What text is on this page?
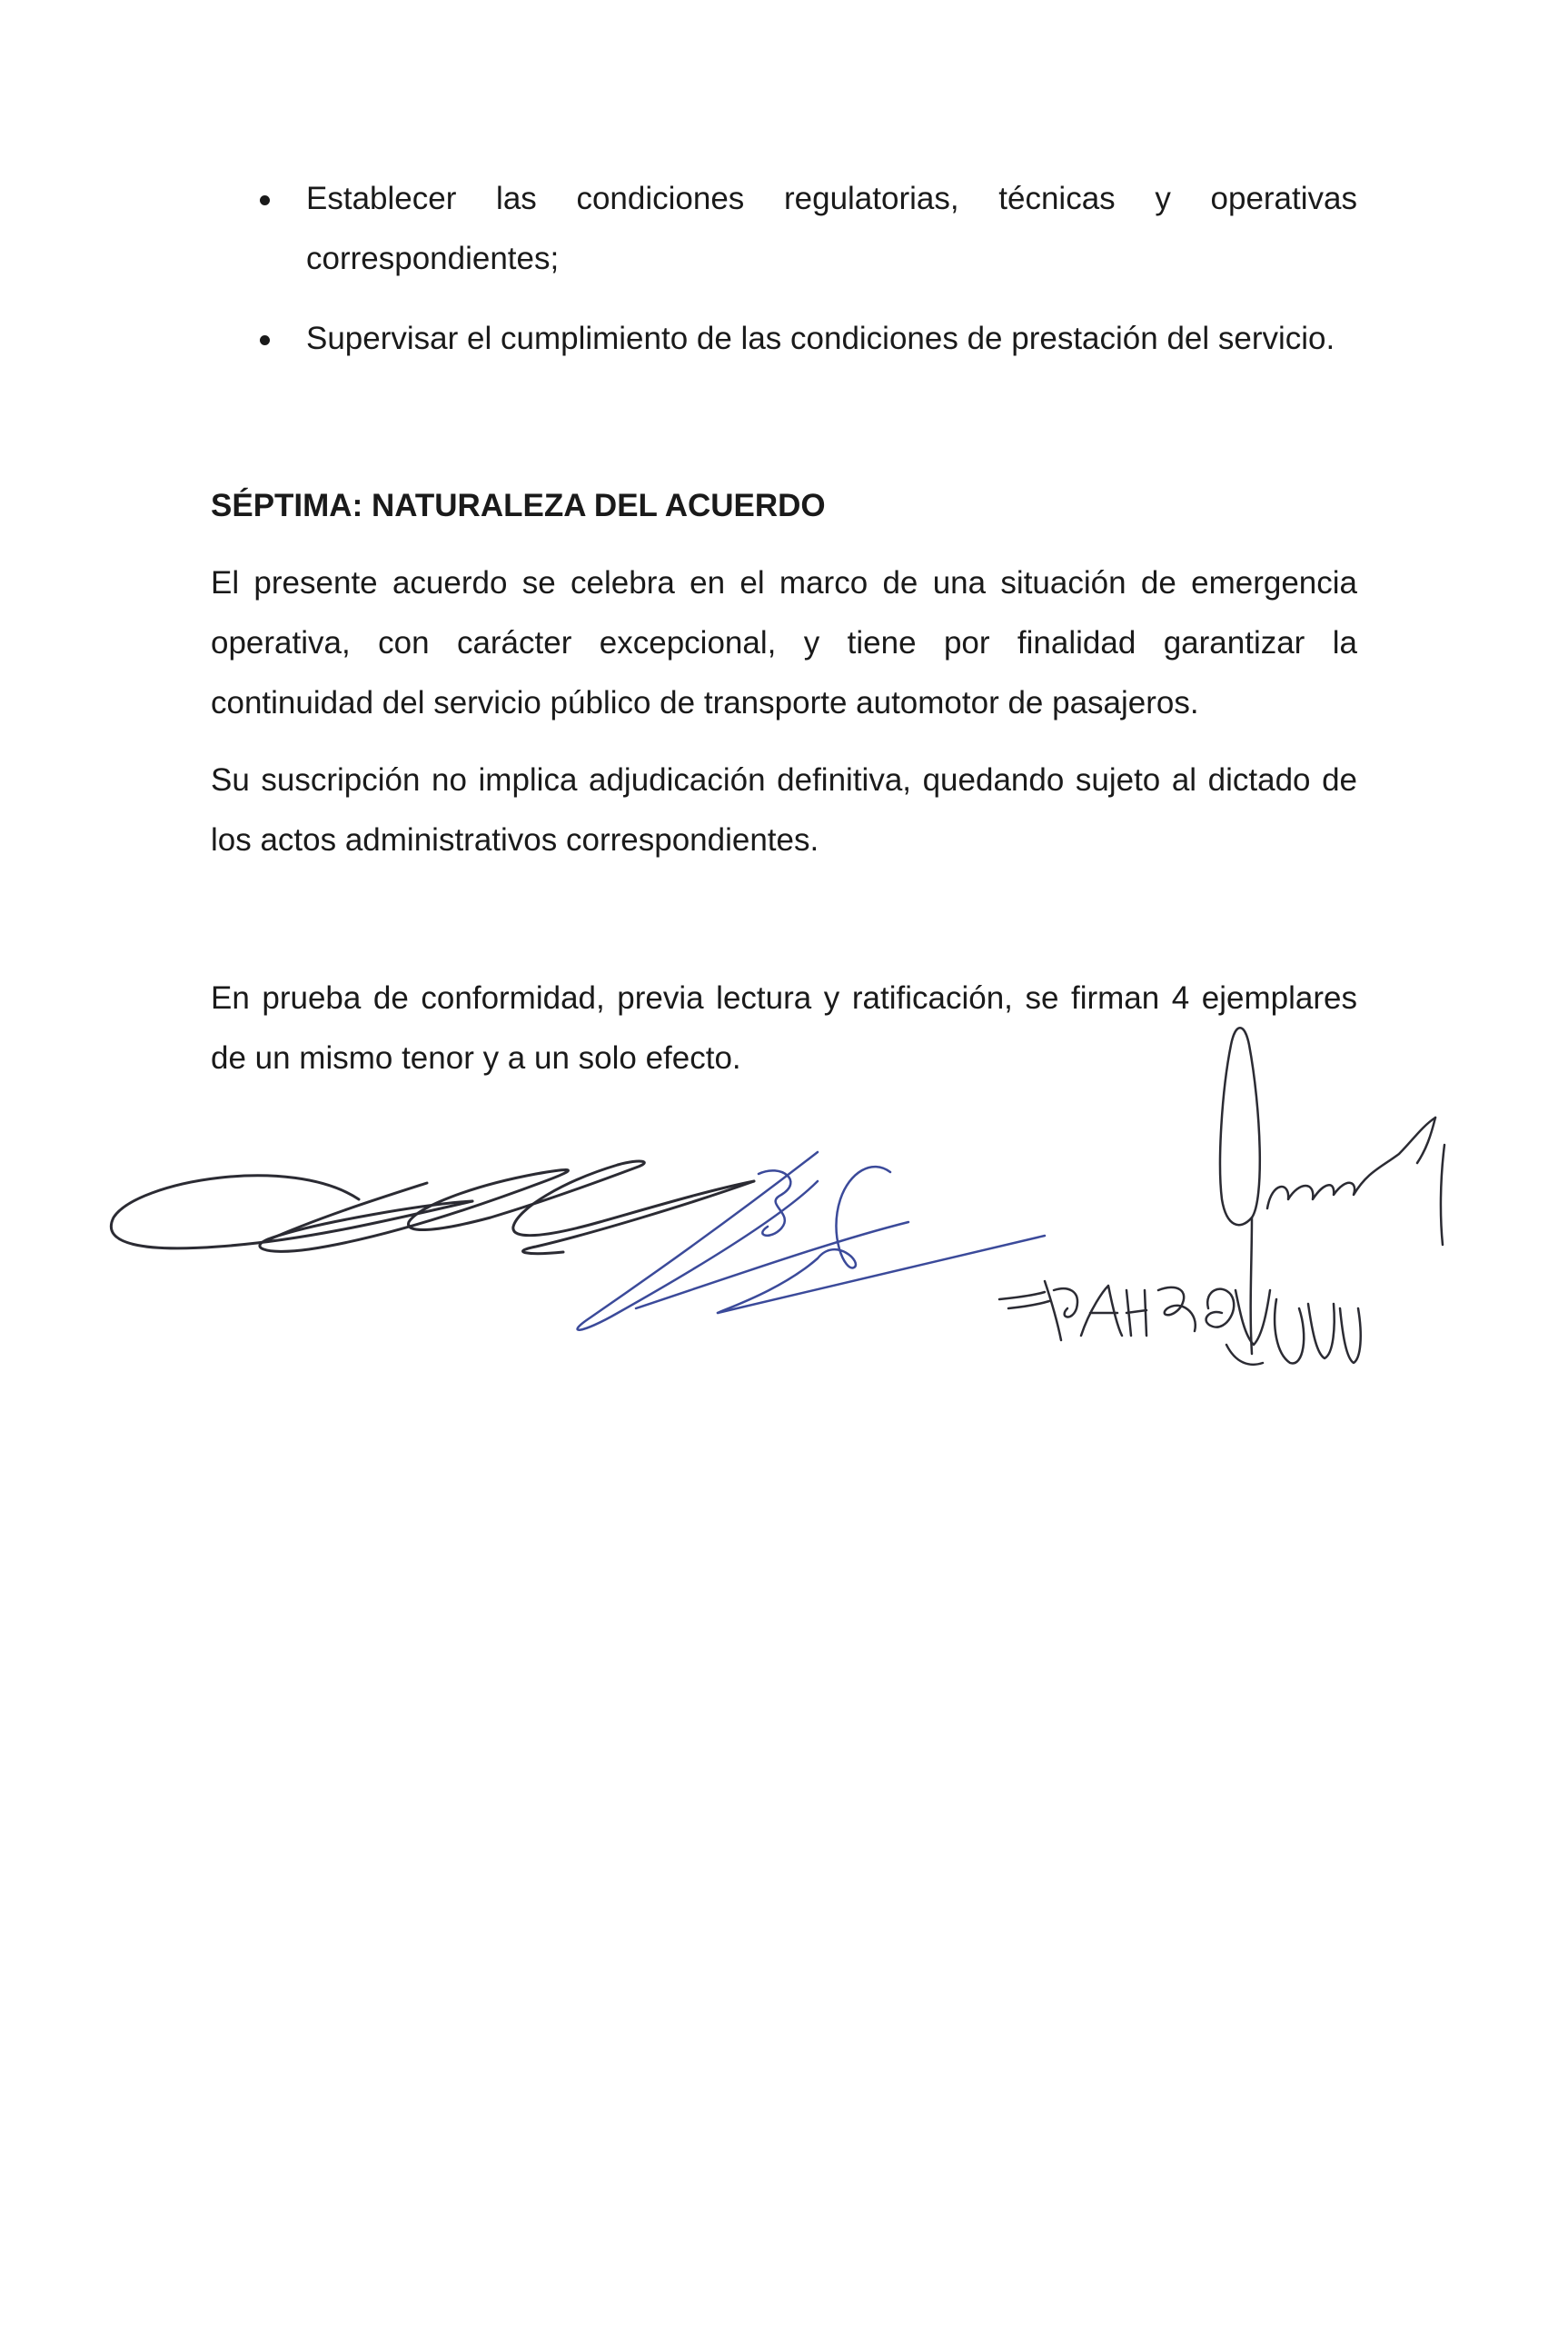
Establecer las condiciones regulatorias, técnicas y operativas correspondientes;
Supervisar el cumplimiento de las condiciones de prestación del servicio.
SÉPTIMA: NATURALEZA DEL ACUERDO

El presente acuerdo se celebra en el marco de una situación de emergencia operativa, con carácter excepcional, y tiene por finalidad garantizar la continuidad del servicio público de transporte automotor de pasajeros.

Su suscripción no implica adjudicación definitiva, quedando sujeto al dictado de los actos administrativos correspondientes.

En prueba de conformidad, previa lectura y ratificación, se firman 4 ejemplares de un mismo tenor y a un solo efecto.
